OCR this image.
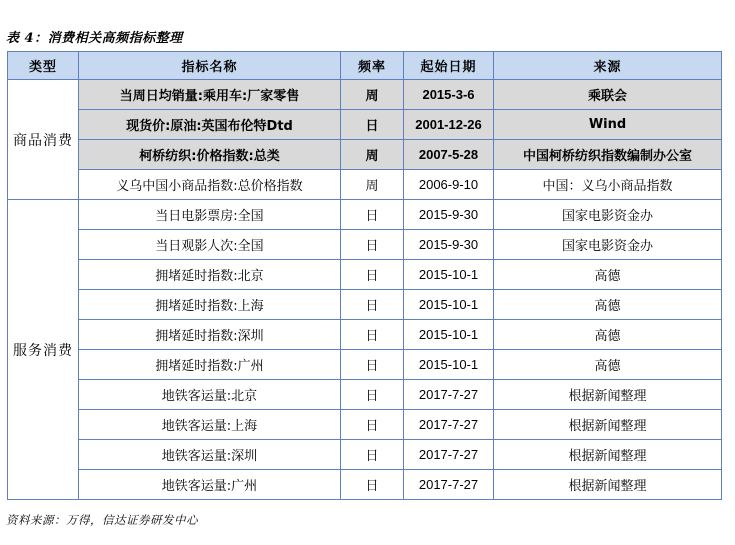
表 4：消费相关高频指标整理
类型	指标名称	频率	起始日期	来源
商品消费	当周日均销量:乘用车:厂家零售	周	2015-3-6	乘联会
	现货价:原油:英国布伦特Dtd	日	2001-12-26	Wind
	柯桥纺织:价格指数:总类	周	2007-5-28	中国柯桥纺织指数编制办公室
	义乌中国小商品指数:总价格指数	周	2006-9-10	中国：义乌小商品指数
服务消费	当日电影票房:全国	日	2015-9-30	国家电影资金办
	当日观影人次:全国	日	2015-9-30	国家电影资金办
	拥堵延时指数:北京	日	2015-10-1	高德
	拥堵延时指数:上海	日	2015-10-1	高德
	拥堵延时指数:深圳	日	2015-10-1	高德
	拥堵延时指数:广州	日	2015-10-1	高德
	地铁客运量:北京	日	2017-7-27	根据新闻整理
	地铁客运量:上海	日	2017-7-27	根据新闻整理
	地铁客运量:深圳	日	2017-7-27	根据新闻整理
	地铁客运量:广州	日	2017-7-27	根据新闻整理
资料来源：万得，信达证券研发中心
